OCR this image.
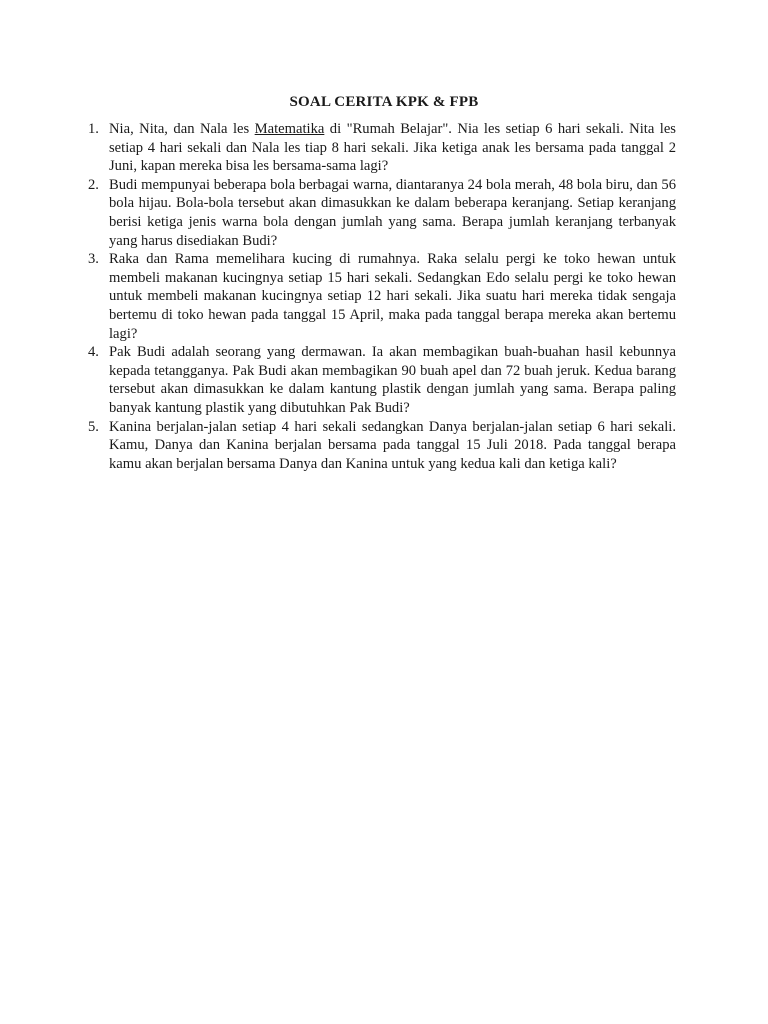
SOAL CERITA KPK & FPB
1. Nia, Nita, dan Nala les Matematika di "Rumah Belajar". Nia les setiap 6 hari sekali. Nita les setiap 4 hari sekali dan Nala les tiap 8 hari sekali. Jika ketiga anak les bersama pada tanggal 2 Juni, kapan mereka bisa les bersama-sama lagi?
2. Budi mempunyai beberapa bola berbagai warna, diantaranya 24 bola merah, 48 bola biru, dan 56 bola hijau. Bola-bola tersebut akan dimasukkan ke dalam beberapa keranjang. Setiap keranjang berisi ketiga jenis warna bola dengan jumlah yang sama. Berapa jumlah keranjang terbanyak yang harus disediakan Budi?
3. Raka dan Rama memelihara kucing di rumahnya. Raka selalu pergi ke toko hewan untuk membeli makanan kucingnya setiap 15 hari sekali. Sedangkan Edo selalu pergi ke toko hewan untuk membeli makanan kucingnya setiap 12 hari sekali. Jika suatu hari mereka tidak sengaja bertemu di toko hewan pada tanggal 15 April, maka pada tanggal berapa mereka akan bertemu lagi?
4. Pak Budi adalah seorang yang dermawan. Ia akan membagikan buah-buahan hasil kebunnya kepada tetangganya. Pak Budi akan membagikan 90 buah apel dan 72 buah jeruk. Kedua barang tersebut akan dimasukkan ke dalam kantung plastik dengan jumlah yang sama. Berapa paling banyak kantung plastik yang dibutuhkan Pak Budi?
5. Kanina berjalan-jalan setiap 4 hari sekali sedangkan Danya berjalan-jalan setiap 6 hari sekali. Kamu, Danya dan Kanina berjalan bersama pada tanggal 15 Juli 2018. Pada tanggal berapa kamu akan berjalan bersama Danya dan Kanina untuk yang kedua kali dan ketiga kali?
